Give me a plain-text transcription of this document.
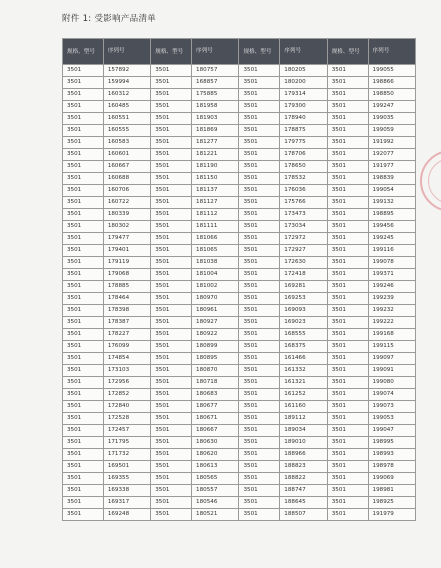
附件 1: 受影响产品清单
规格、型号	序列号	规格、型号	序列号	规格、型号	序列号	规格、型号	序列号
3501	157892	3501	180757	3501	180205	3501	199055
3501	159994	3501	168857	3501	180200	3501	198866
3501	160312	3501	175885	3501	179314	3501	198850
3501	160485	3501	181958	3501	179300	3501	199247
3501	160551	3501	181903	3501	178940	3501	199035
3501	160555	3501	181869	3501	178875	3501	199059
3501	160583	3501	181277	3501	179775	3501	191992
3501	160601	3501	181221	3501	178706	3501	192077
3501	160667	3501	181190	3501	178650	3501	191977
3501	160688	3501	181150	3501	178532	3501	198839
3501	160706	3501	181137	3501	176036	3501	199054
3501	160722	3501	181127	3501	175766	3501	199132
3501	180339	3501	181112	3501	173473	3501	198895
3501	180302	3501	181111	3501	173034	3501	199456
3501	179477	3501	181066	3501	172972	3501	199245
3501	179401	3501	181065	3501	172927	3501	199116
3501	179119	3501	181038	3501	172630	3501	199078
3501	179068	3501	181004	3501	172418	3501	199371
3501	178885	3501	181002	3501	169281	3501	199246
3501	178464	3501	180970	3501	169253	3501	199239
3501	178398	3501	180961	3501	169093	3501	199232
3501	178387	3501	180927	3501	169023	3501	199222
3501	178227	3501	180922	3501	168555	3501	199168
3501	176099	3501	180899	3501	168375	3501	199115
3501	174854	3501	180895	3501	161466	3501	199097
3501	173103	3501	180870	3501	161332	3501	199091
3501	172956	3501	180718	3501	161321	3501	199080
3501	172852	3501	180683	3501	161252	3501	199074
3501	172840	3501	180677	3501	161160	3501	199073
3501	172528	3501	180671	3501	189112	3501	199053
3501	172457	3501	180667	3501	189034	3501	199047
3501	171795	3501	180630	3501	189010	3501	198995
3501	171732	3501	180620	3501	188966	3501	198993
3501	169501	3501	180613	3501	188823	3501	198978
3501	169355	3501	180565	3501	188822	3501	199069
3501	169338	3501	180557	3501	188747	3501	198981
3501	169317	3501	180546	3501	188645	3501	198925
3501	169248	3501	180521	3501	188507	3501	191979
